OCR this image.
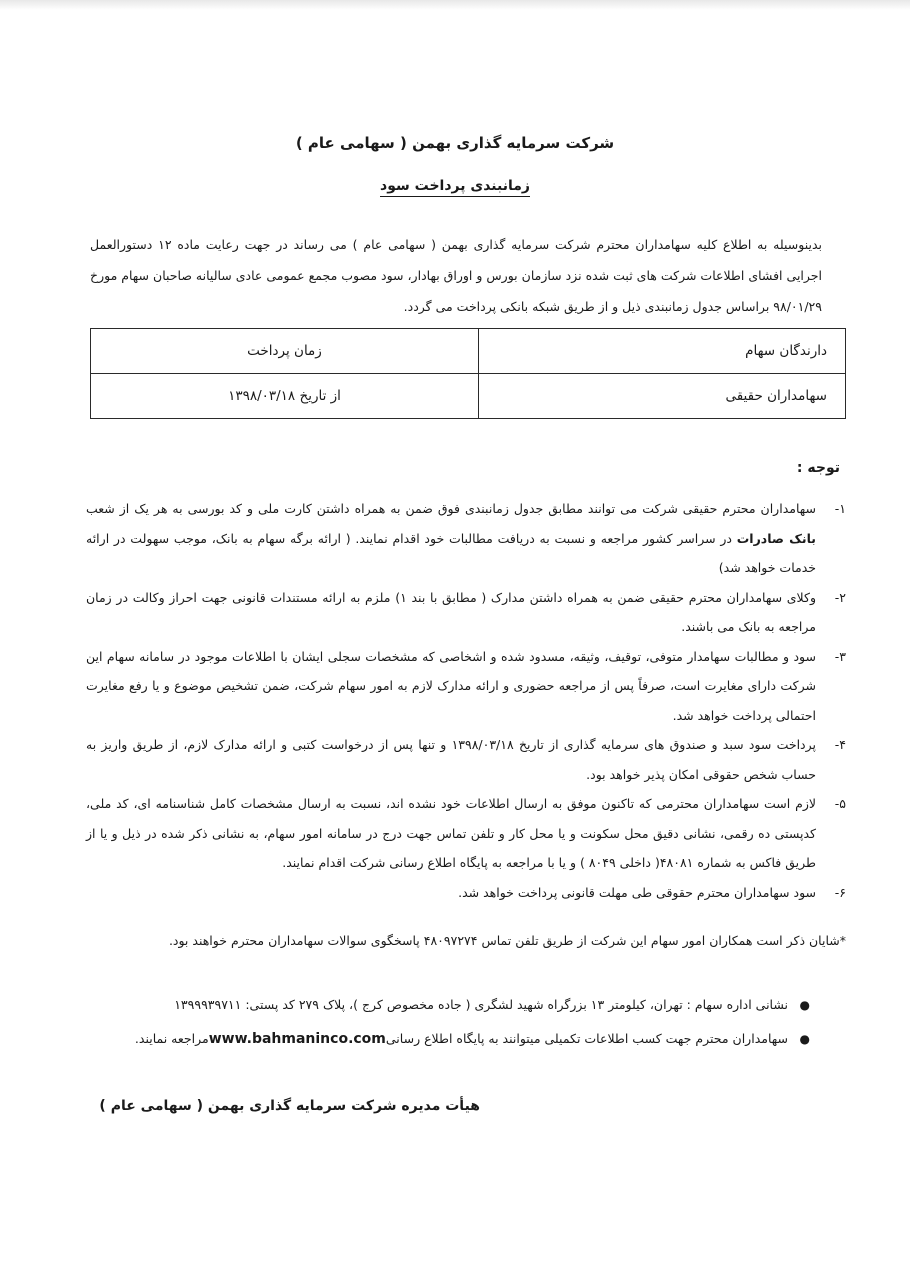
شرکت سرمایه گذاری بهمن ( سهامی عام )
زمانبندی پرداخت سود

بدینوسیله به اطلاع کلیه سهامداران محترم شرکت سرمایه گذاری بهمن ( سهامی عام ) می رساند در جهت رعایت ماده ۱۲ دستورالعمل اجرایی افشای اطلاعات شرکت های ثبت شده نزد سازمان بورس و اوراق بهادار، سود مصوب مجمع عمومی عادی سالیانه صاحبان سهام مورخ ۹۸/۰۱/۲۹ براساس جدول زمانبندی ذیل و از طریق شبکه بانکی پرداخت می گردد.

دارندگان سهام	زمان پرداخت
سهامداران حقیقی	از تاریخ ۱۳۹۸/۰۳/۱۸
توجه :
۱-
سهامداران محترم حقیقی شرکت می توانند مطابق جدول زمانبندی فوق ضمن به همراه داشتن کارت ملی و کد بورسی به هر یک از شعب بانک صادرات در سراسر کشور مراجعه و نسبت به دریافت مطالبات خود اقدام نمایند. ( ارائه برگه سهام به بانک، موجب سهولت در ارائه خدمات خواهد شد)
۲-
وکلای سهامداران محترم حقیقی ضمن به همراه داشتن مدارک ( مطابق با بند ۱) ملزم به ارائه مستندات قانونی جهت احراز وکالت در زمان مراجعه به بانک می باشند.
۳-
سود و مطالبات سهامدار متوفی، توقیف، وثیقه، مسدود شده و اشخاصی که مشخصات سجلی ایشان با اطلاعات موجود در سامانه سهام این شرکت دارای مغایرت است، صرفاً پس از مراجعه حضوری و ارائه مدارک لازم به امور سهام شرکت، ضمن تشخیص موضوع و یا رفع مغایرت احتمالی پرداخت خواهد شد.
۴-
پرداخت سود سبد و صندوق های سرمایه گذاری از تاریخ ۱۳۹۸/۰۳/۱۸ و تنها پس از درخواست کتبی و ارائه مدارک لازم، از طریق واریز به حساب شخص حقوقی امکان پذیر خواهد بود.
۵-
لازم است سهامداران محترمی که تاکنون موفق به ارسال اطلاعات خود نشده اند، نسبت به ارسال مشخصات کامل شناسنامه ای، کد ملی، کدپستی ده رقمی، نشانی دقیق محل سکونت و یا محل کار و تلفن تماس جهت درج در سامانه امور سهام، به نشانی ذکر شده در ذیل و یا از طریق فاکس به شماره ۴۸۰۸۱( داخلی ۸۰۴۹ ) و یا با مراجعه به پایگاه اطلاع رسانی شرکت اقدام نمایند.
۶-
سود سهامداران محترم حقوقی طی مهلت قانونی پرداخت خواهد شد.

*شایان ذکر است همکاران امور سهام این شرکت از طریق تلفن تماس ۴۸۰۹۷۲۷۴ پاسخگوی سوالات سهامداران محترم خواهند بود.

●
نشانی اداره سهام : تهران، کیلومتر ۱۳ بزرگراه شهید لشگری ( جاده مخصوص کرج )، پلاک ۲۷۹ کد پستی: ۱۳۹۹۹۳۹۷۱۱
●
سهامداران محترم جهت کسب اطلاعات تکمیلی میتوانند به پایگاه اطلاع رسانیwww.bahmaninco.comمراجعه نمایند.
هیأت مدیره شرکت سرمایه گذاری بهمن ( سهامی عام )
